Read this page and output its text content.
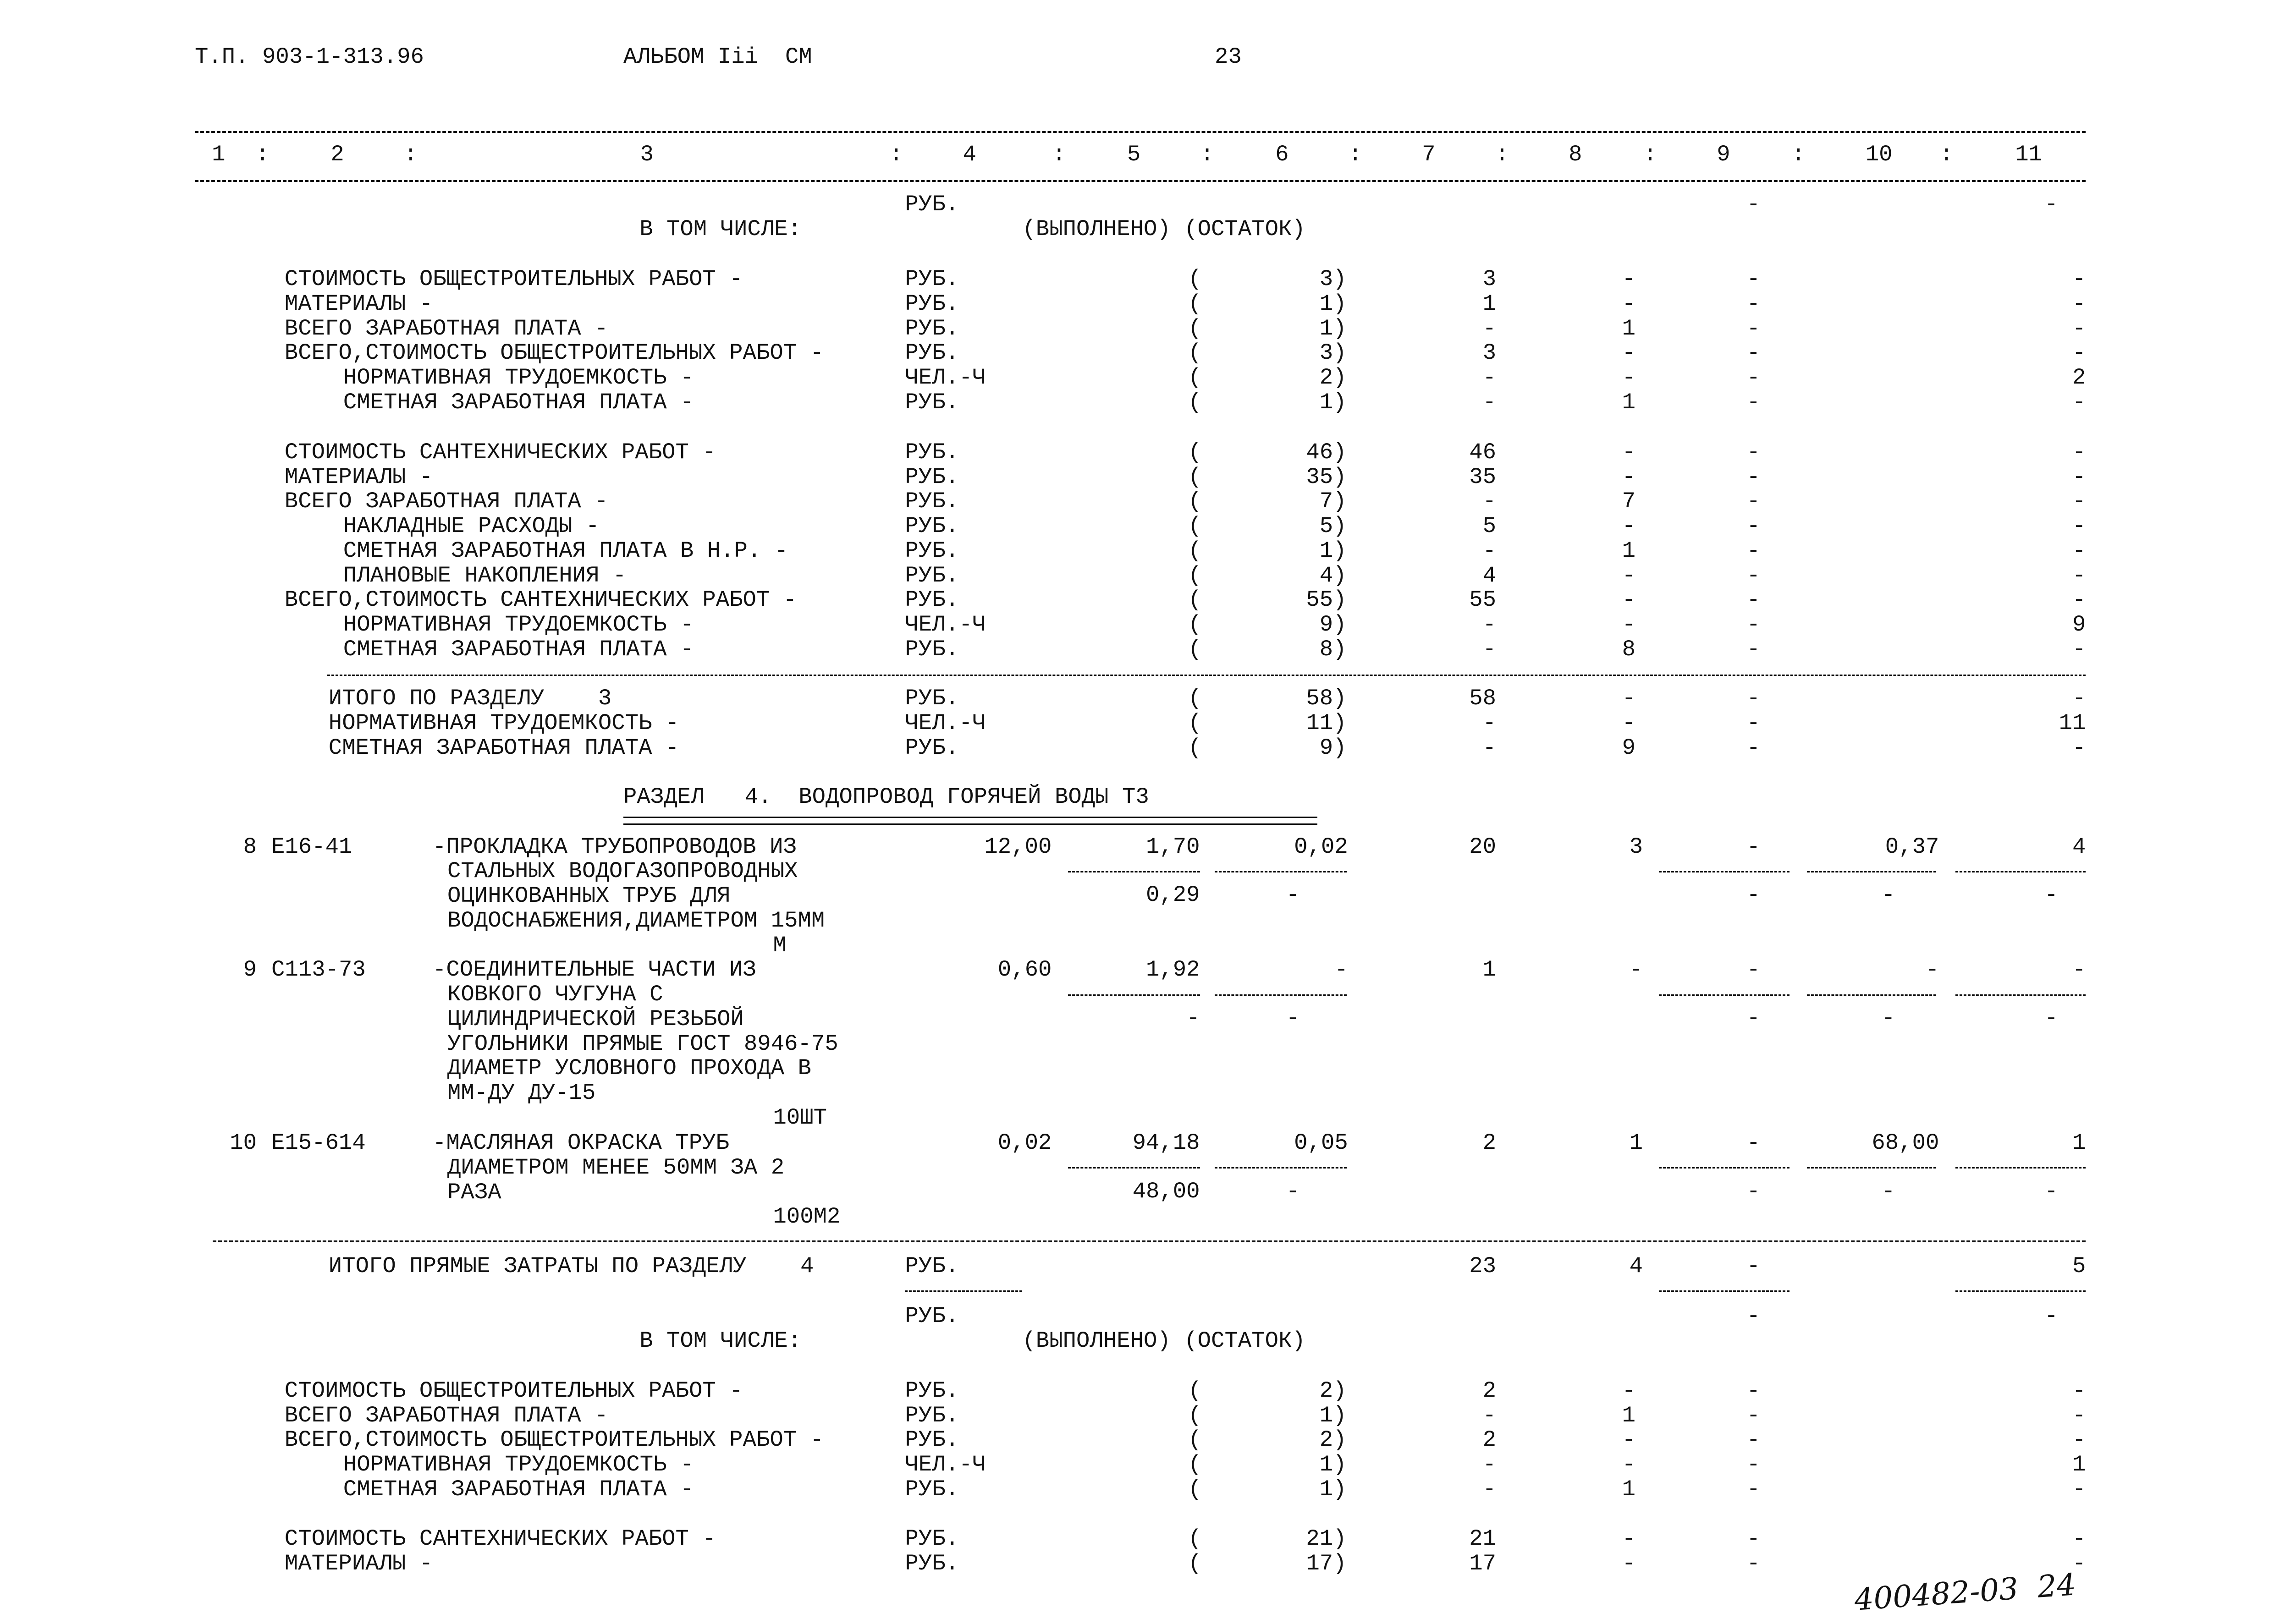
Т.П. 903-1-313.96	АЛЬБОМ Iii  СМ	23
400482-03  24
1	2	3	4	5	6	7	8	9	10	11
:	:	:	:	:	:	:	:	:	:
РУБ.	-	-
В ТОМ ЧИСЛЕ:	(ВЫПОЛНЕНО) (ОСТАТОК)
СТОИМОСТЬ ОБЩЕСТРОИТЕЛЬНЫХ РАБОТ -	РУБ.	(	3)	3	-	-	-
МАТЕРИАЛЫ -	РУБ.	(	1)	1	-	-	-
ВСЕГО ЗАРАБОТНАЯ ПЛАТА -	РУБ.	(	1)	-	1	-	-
ВСЕГО,СТОИМОСТЬ ОБЩЕСТРОИТЕЛЬНЫХ РАБОТ -	РУБ.	(	3)	3	-	-	-
НОРМАТИВНАЯ ТРУДОЕМКОСТЬ -	ЧЕЛ.-Ч	(	2)	-	-	-	2
СМЕТНАЯ ЗАРАБОТНАЯ ПЛАТА -	РУБ.	(	1)	-	1	-	-
СТОИМОСТЬ САНТЕХНИЧЕСКИХ РАБОТ -	РУБ.	(	46)	46	-	-	-
МАТЕРИАЛЫ -	РУБ.	(	35)	35	-	-	-
ВСЕГО ЗАРАБОТНАЯ ПЛАТА -	РУБ.	(	7)	-	7	-	-
НАКЛАДНЫЕ РАСХОДЫ -	РУБ.	(	5)	5	-	-	-
СМЕТНАЯ ЗАРАБОТНАЯ ПЛАТА В Н.Р. -	РУБ.	(	1)	-	1	-	-
ПЛАНОВЫЕ НАКОПЛЕНИЯ -	РУБ.	(	4)	4	-	-	-
ВСЕГО,СТОИМОСТЬ САНТЕХНИЧЕСКИХ РАБОТ -	РУБ.	(	55)	55	-	-	-
НОРМАТИВНАЯ ТРУДОЕМКОСТЬ -	ЧЕЛ.-Ч	(	9)	-	-	-	9
СМЕТНАЯ ЗАРАБОТНАЯ ПЛАТА -	РУБ.	(	8)	-	8	-	-
ИТОГО ПО РАЗДЕЛУ    3	РУБ.	(	58)	58	-	-	-
НОРМАТИВНАЯ ТРУДОЕМКОСТЬ -	ЧЕЛ.-Ч	(	11)	-	-	-	11
СМЕТНАЯ ЗАРАБОТНАЯ ПЛАТА -	РУБ.	(	9)	-	9	-	-
РАЗДЕЛ   4.  ВОДОПРОВОД ГОРЯЧЕЙ ВОДЫ Т3
8 Е16-41	-ПРОКЛАДКА ТРУБОПРОВОДОВ ИЗ
СТАЛЬНЫХ ВОДОГАЗОПРОВОДНЫХ
ОЦИНКОВАННЫХ ТРУБ ДЛЯ
ВОДОСНАБЖЕНИЯ,ДИАМЕТРОМ 15ММ
М
12,00	1,70	0,02	20	3	-	0,37	4
0,29	-	-	-	-
9 С113-73	-СОЕДИНИТЕЛЬНЫЕ ЧАСТИ ИЗ
КОВКОГО ЧУГУНА С
ЦИЛИНДРИЧЕСКОЙ РЕЗЬБОЙ
УГОЛЬНИКИ ПРЯМЫЕ ГОСТ 8946-75
ДИАМЕТР УСЛОВНОГО ПРОХОДА В
ММ-ДУ ДУ-15
10ШТ
0,60	1,92	-	1	-	-	-	-
-	-	-	-	-
10 Е15-614	-МАСЛЯНАЯ ОКРАСКА ТРУБ
ДИАМЕТРОМ МЕНЕЕ 50ММ ЗА 2
РАЗА
100М2
0,02	94,18	0,05	2	1	-	68,00	1
48,00	-	-	-	-
ИТОГО ПРЯМЫЕ ЗАТРАТЫ ПО РАЗДЕЛУ    4	РУБ.	23	4	-	5
РУБ.	-	-
В ТОМ ЧИСЛЕ:	(ВЫПОЛНЕНО) (ОСТАТОК)
СТОИМОСТЬ ОБЩЕСТРОИТЕЛЬНЫХ РАБОТ -	РУБ.	(	2)	2	-	-	-
ВСЕГО ЗАРАБОТНАЯ ПЛАТА -	РУБ.	(	1)	-	1	-	-
ВСЕГО,СТОИМОСТЬ ОБЩЕСТРОИТЕЛЬНЫХ РАБОТ -	РУБ.	(	2)	2	-	-	-
НОРМАТИВНАЯ ТРУДОЕМКОСТЬ -	ЧЕЛ.-Ч	(	1)	-	-	-	1
СМЕТНАЯ ЗАРАБОТНАЯ ПЛАТА -	РУБ.	(	1)	-	1	-	-
СТОИМОСТЬ САНТЕХНИЧЕСКИХ РАБОТ -	РУБ.	(	21)	21	-	-	-
МАТЕРИАЛЫ -	РУБ.	(	17)	17	-	-	-
